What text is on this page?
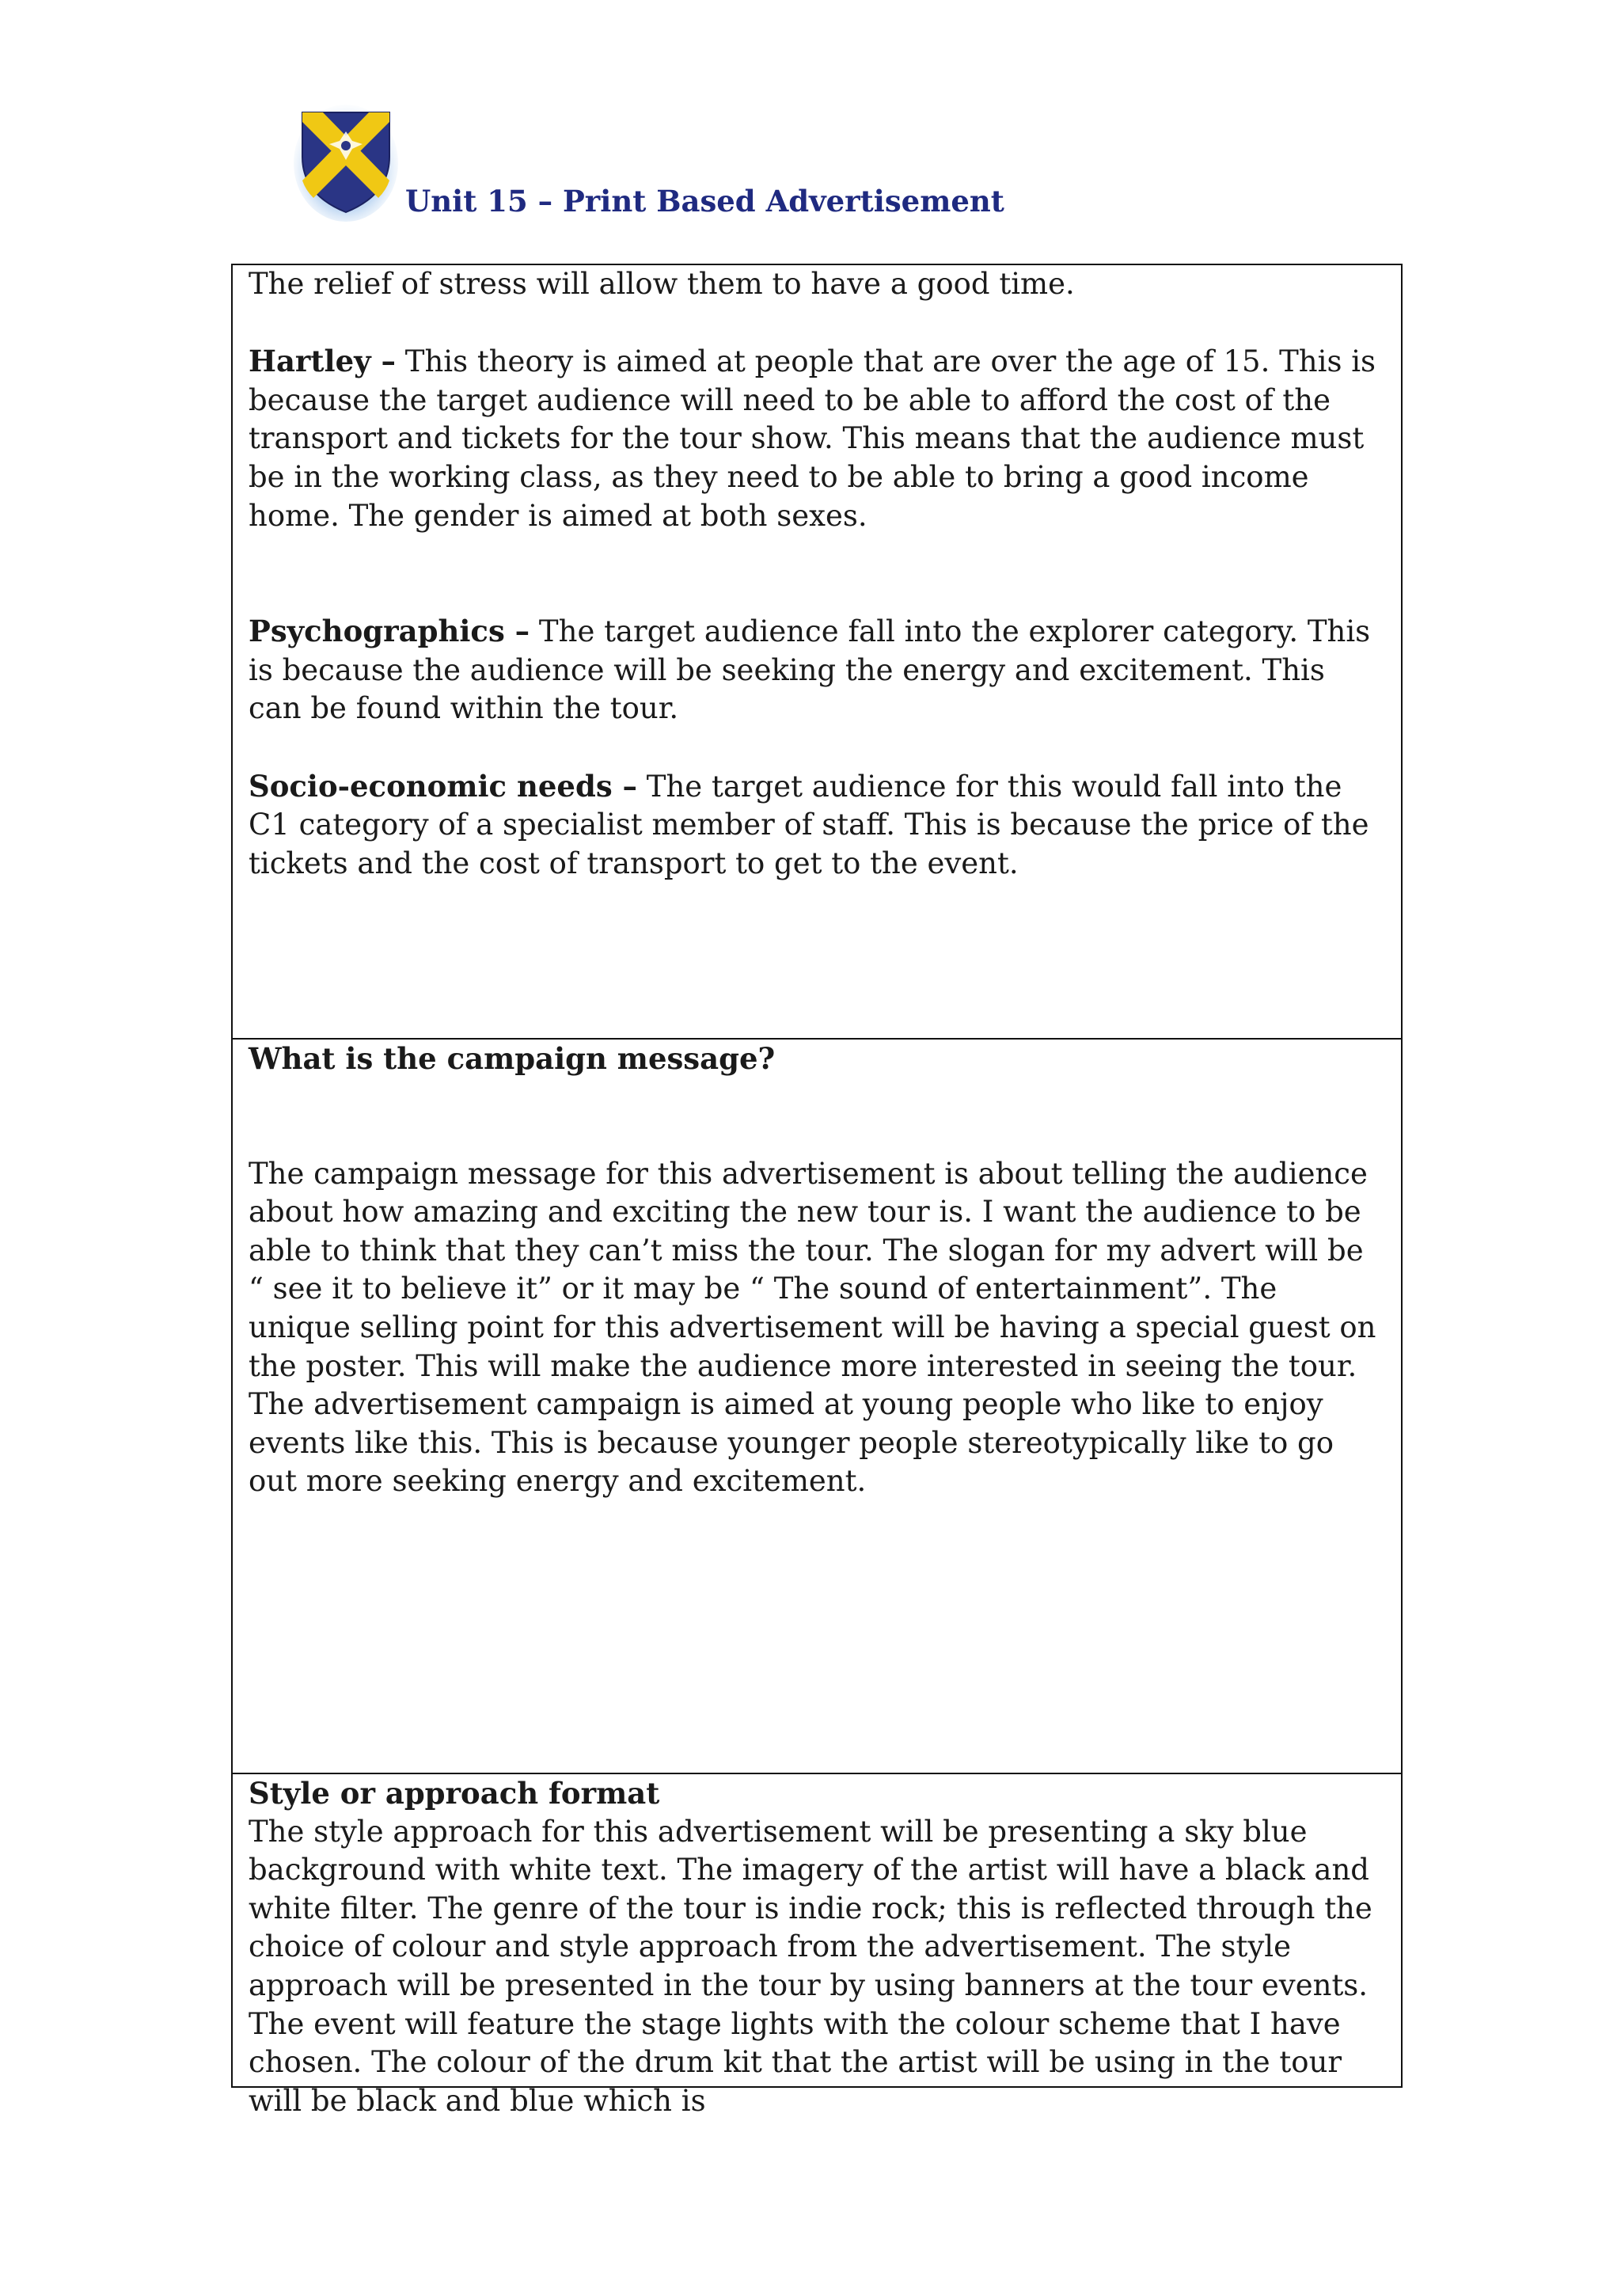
Unit 15 – Print Based Advertisement

The relief of stress will allow them to have a good time.

Hartley – This theory is aimed at people that are over the age of 15. This is because the target audience will need to be able to afford the cost of the transport and tickets for the tour show. This means that the audience must be in the working class, as they need to be able to bring a good income home. The gender is aimed at both sexes.

Psychographics – The target audience fall into the explorer category. This is because the audience will be seeking the energy and excitement. This can be found within the tour.

Socio-economic needs – The target audience for this would fall into the C1 category of a specialist member of staff. This is because the price of the tickets and the cost of transport to get to the event.

What is the campaign message?

The campaign message for this advertisement is about telling the audience about how amazing and exciting the new tour is. I want the audience to be able to think that they can’t miss the tour. The slogan for my advert will be “ see it to believe it” or it may be “ The sound of entertainment”. The unique selling point for this advertisement will be having a special guest on the poster. This will make the audience more interested in seeing the tour. The advertisement campaign is aimed at young people who like to enjoy events like this. This is because younger people stereotypically like to go out more seeking energy and excitement.

Style or approach format

The style approach for this advertisement will be presenting a sky blue background with white text. The imagery of the artist will have a black and white filter. The genre of the tour is indie rock; this is reflected through the choice of colour and style approach from the advertisement. The style approach will be presented in the tour by using banners at the tour events. The event will feature the stage lights with the colour scheme that I have chosen. The colour of the drum kit that the artist will be using in the tour will be black and blue which is
